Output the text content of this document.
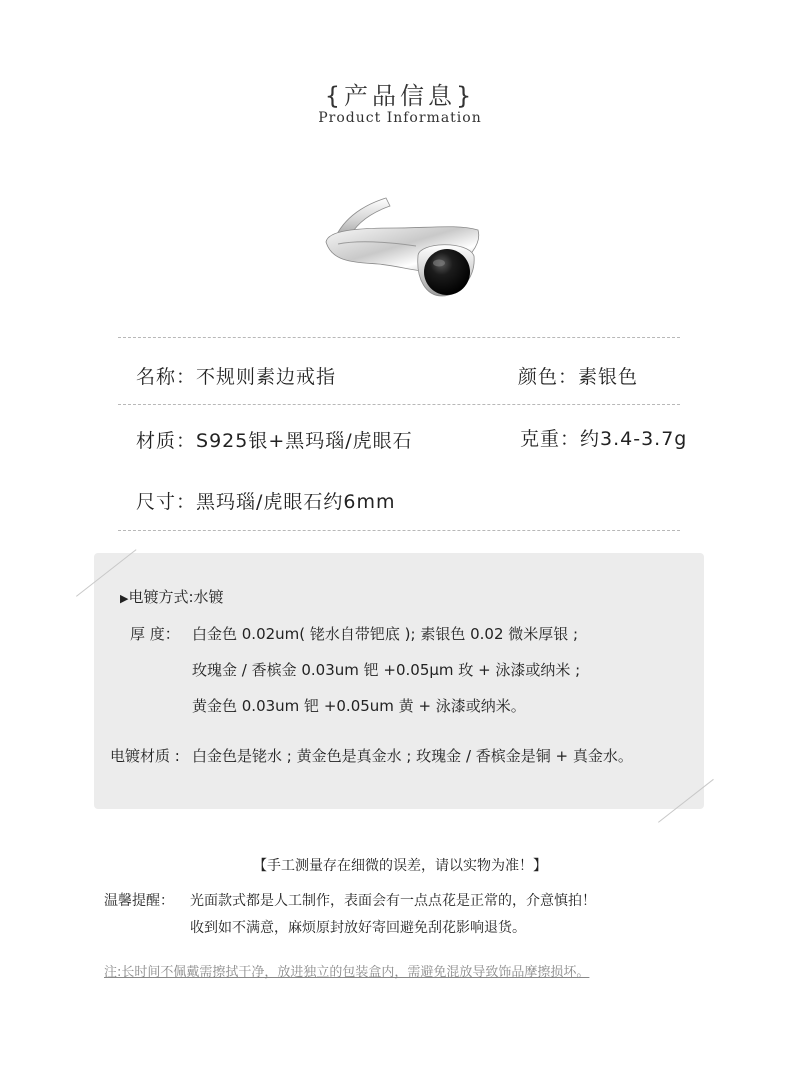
{产品信息}
Product Information
名称：不规则素边戒指	颜色：素银色
材质：S925银+黑玛瑙/虎眼石	克重：约3.4-3.7g
尺寸：黑玛瑙/虎眼石约6mm
▶电镀方式:水镀
厚 度： 白金色 0.02um( 铑水自带钯底 ); 素银色 0.02 微米厚银 ;
玫瑰金 / 香槟金 0.03um 钯 +0.05μm 玫 + 泳漆或纳米 ;
黄金色 0.03um 钯 +0.05um 黄 + 泳漆或纳米。
电镀材质 : 白金色是铑水 ; 黄金色是真金水 ; 玫瑰金 / 香槟金是铜 + 真金水。
【手工测量存在细微的误差，请以实物为准！】
温馨提醒： 光面款式都是人工制作，表面会有一点点花是正常的，介意慎拍！
收到如不满意，麻烦原封放好寄回避免刮花影响退货。
注:长时间不佩戴需擦拭干净，放进独立的包装盒内，需避免混放导致饰品摩擦损坏。
